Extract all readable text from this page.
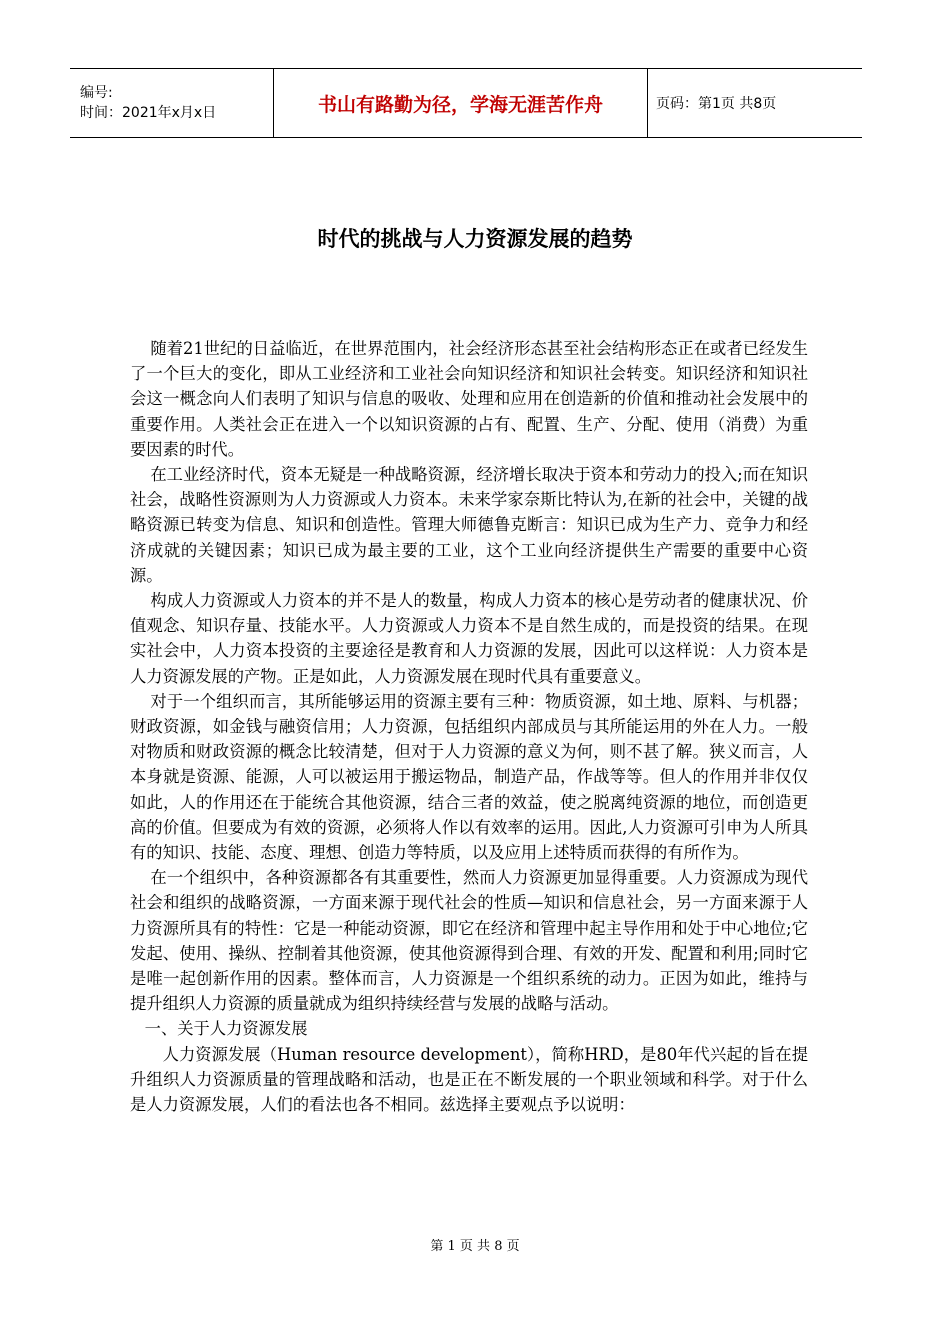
编号:
时间：2021年x月x日	书山有路勤为径，学海无涯苦作舟	页码：第1页 共8页
时代的挑战与人力资源发展的趋势

随着21世纪的日益临近，在世界范围内，社会经济形态甚至社会结构形态正在或者已经发生了一个巨大的变化，即从工业经济和工业社会向知识经济和知识社会转变。知识经济和知识社会这一概念向人们表明了知识与信息的吸收、处理和应用在创造新的价值和推动社会发展中的重要作用。人类社会正在进入一个以知识资源的占有、配置、生产、分配、使用（消费）为重要因素的时代。

在工业经济时代，资本无疑是一种战略资源，经济增长取决于资本和劳动力的投入;而在知识社会，战略性资源则为人力资源或人力资本。未来学家奈斯比特认为,在新的社会中，关键的战略资源已转变为信息、知识和创造性。管理大师德鲁克断言：知识已成为生产力、竞争力和经济成就的关键因素；知识已成为最主要的工业，这个工业向经济提供生产需要的重要中心资源。

构成人力资源或人力资本的并不是人的数量，构成人力资本的核心是劳动者的健康状况、价值观念、知识存量、技能水平。人力资源或人力资本不是自然生成的，而是投资的结果。在现实社会中，人力资本投资的主要途径是教育和人力资源的发展，因此可以这样说：人力资本是人力资源发展的产物。正是如此，人力资源发展在现时代具有重要意义。

对于一个组织而言，其所能够运用的资源主要有三种：物质资源，如土地、原料、与机器；财政资源，如金钱与融资信用；人力资源，包括组织内部成员与其所能运用的外在人力。一般对物质和财政资源的概念比较清楚，但对于人力资源的意义为何，则不甚了解。狭义而言，人本身就是资源、能源，人可以被运用于搬运物品，制造产品，作战等等。但人的作用并非仅仅如此，人的作用还在于能统合其他资源，结合三者的效益，使之脱离纯资源的地位，而创造更高的价值。但要成为有效的资源，必须将人作以有效率的运用。因此,人力资源可引申为人所具有的知识、技能、态度、理想、创造力等特质，以及应用上述特质而获得的有所作为。

在一个组织中，各种资源都各有其重要性，然而人力资源更加显得重要。人力资源成为现代社会和组织的战略资源，一方面来源于现代社会的性质—知识和信息社会，另一方面来源于人力资源所具有的特性：它是一种能动资源，即它在经济和管理中起主导作用和处于中心地位;它发起、使用、操纵、控制着其他资源，使其他资源得到合理、有效的开发、配置和利用;同时它是唯一起创新作用的因素。整体而言，人力资源是一个组织系统的动力。正因为如此，维持与提升组织人力资源的质量就成为组织持续经营与发展的战略与活动。

一、关于人力资源发展

人力资源发展（Human resource development），简称HRD，是80年代兴起的旨在提升组织人力资源质量的管理战略和活动，也是正在不断发展的一个职业领域和科学。对于什么是人力资源发展，人们的看法也各不相同。兹选择主要观点予以说明：

第 1 页 共 8 页
